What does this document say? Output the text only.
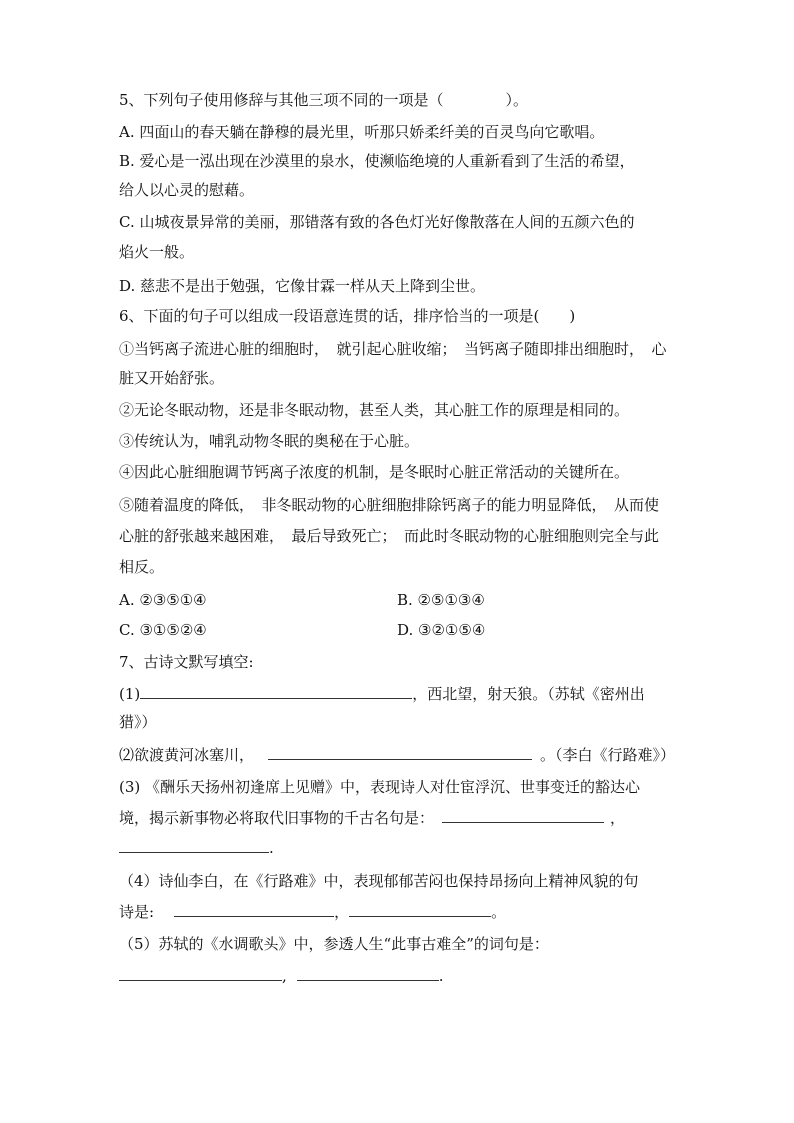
5、下列句子使用修辞与其他三项不同的一项是（	）。
A. 四面山的春天躺在静穆的晨光里，听那只娇柔纤美的百灵鸟向它歌唱。
B. 爱心是一泓出现在沙漠里的泉水，使濒临绝境的人重新看到了生活的希望，
给人以心灵的慰藉。
C. 山城夜景异常的美丽，那错落有致的各色灯光好像散落在人间的五颜六色的
焰火一般。
D. 慈悲不是出于勉强，它像甘霖一样从天上降到尘世。
6、下面的句子可以组成一段语意连贯的话，排序恰当的一项是(　　)
①当钙离子流进心脏的细胞时，　就引起心脏收缩；　当钙离子随即排出细胞时，　心
脏又开始舒张。
②无论冬眠动物，还是非冬眠动物，甚至人类，其心脏工作的原理是相同的。
③传统认为，哺乳动物冬眠的奥秘在于心脏。
④因此心脏细胞调节钙离子浓度的机制，是冬眠时心脏正常活动的关键所在。
⑤随着温度的降低，　非冬眠动物的心脏细胞排除钙离子的能力明显降低，　从而使
心脏的舒张越来越困难，　最后导致死亡；　而此时冬眠动物的心脏细胞则完全与此
相反。
A. ②③⑤①④	B. ②⑤①③④
C. ③①⑤②④	D. ③②①⑤④
7、古诗文默写填空:
(1)	，西北望，射天狼。（苏轼《密州出
猎》）
⑵欲渡黄河冰塞川，	。（李白《行路难》）
(3) 《酬乐天扬州初逢席上见赠》中，表现诗人对仕宦浮沉、世事变迁的豁达心
境，揭示新事物必将取代旧事物的千古名句是：	，
.
（4）诗仙李白，在《行路难》中，表现郁郁苦闷也保持昂扬向上精神风貌的句
诗是:	，	。
（5）苏轼的《水调歌头》中，参透人生“此事古难全”的词句是：
,	.
